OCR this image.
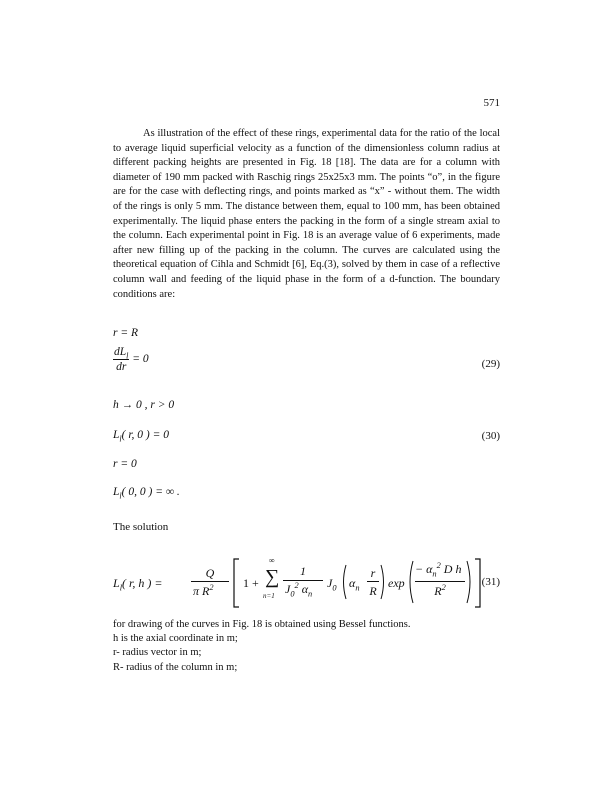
571

As illustration of the effect of these rings, experimental data for the ratio of the local to average liquid superficial velocity as a function of the dimensionless column radius at different packing heights are presented in Fig. 18 [18]. The data are for a column with diameter of 190 mm packed with Raschig rings 25x25x3 mm. The points “o”, in the figure are for the case with deflecting rings, and points marked as “x” - without them. The width of the rings is only 5 mm. The distance between them, equal to 100 mm, has been obtained experimentally. The liquid phase enters the packing in the form of a single stream axial to the column. Each experimental point in Fig. 18 is an average value of 6 experiments, made after new filling up of the packing in the column. The curves are calculated using the theoretical equation of Cihla and Schmidt [6], Eq.(3), solved by them in case of a reflective column wall and feeding of the liquid phase in the form of a d-function. The boundary conditions are:

r = R
$\frac{dL_l}{dr} = 0$	(29)
h → 0 , r > 0
$L_l$( r, 0 ) = 0	(30)
r = 0
$L_l$( 0, 0 ) = ∞ .
The solution
$L_l$( r, h ) =
Q
π $R^2$ 1 +
∞
∑
n=1
1
$J_0^2$ $\alpha_n$
$J_0$ $\alpha_n$
r
R
exp
− $\alpha_n^2$ D h
$R^2$	(31)
for drawing of the curves in Fig. 18 is obtained using Bessel functions.
h is the axial coordinate in m;
r- radius vector in m;
R- radius of the column in m;
